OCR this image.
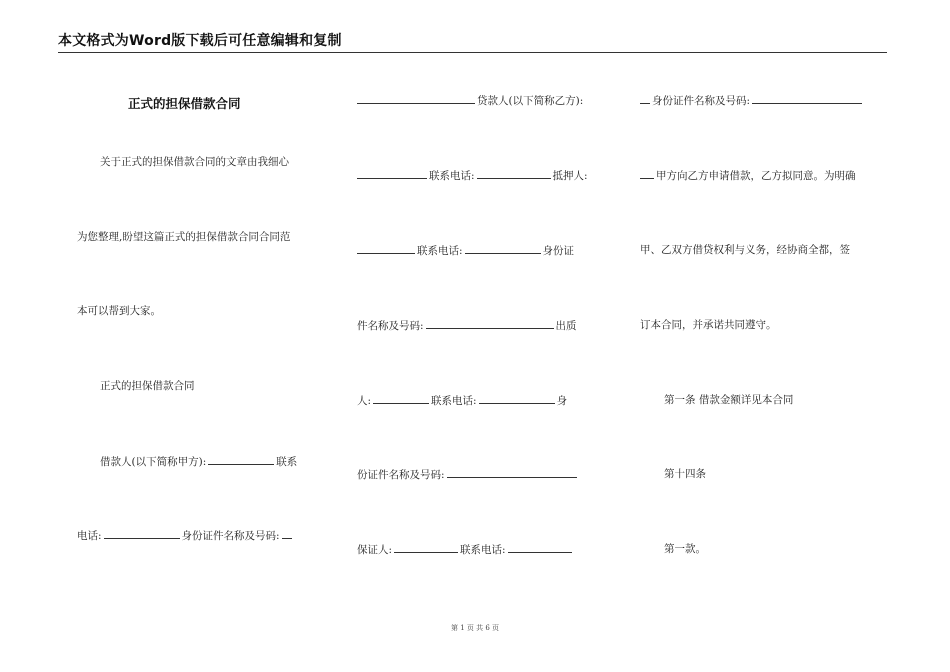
本文格式为Word版下载后可任意编辑和复制
正式的担保借款合同
关于正式的担保借款合同的文章由我细心
为您整理,盼望这篇正式的担保借款合同合同范
本可以帮到大家。
正式的担保借款合同
借款人(以下简称甲方):	联系
电话:	身份证件名称及号码:
贷款人(以下简称乙方):
联系电话:	抵押人:
联系电话:	身份证
件名称及号码:	出质
人:	联系电话:	身
份证件名称及号码:
保证人:	联系电话:
身份证件名称及号码:
甲方向乙方申请借款，乙方拟同意。为明确
甲、乙双方借贷权利与义务，经协商全都，签
订本合同，并承诺共同遵守。
第一条 借款金额详见本合同
第十四条
第一款。
第 1 页 共 6 页
